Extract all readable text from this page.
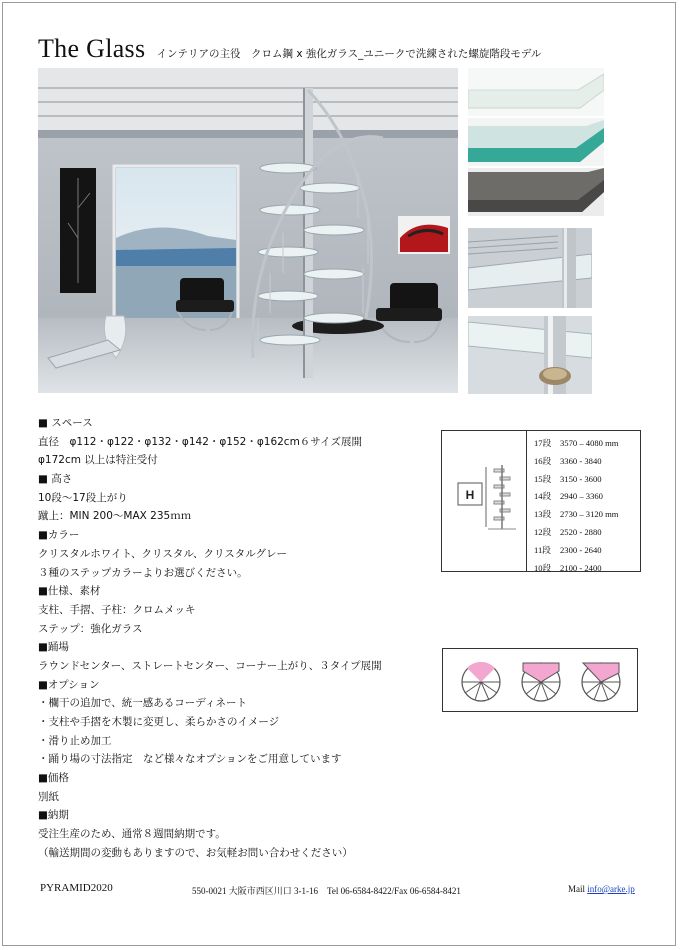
The Glass インテリアの主役　クロム鋼 x 強化ガラス_ユニークで洗練された螺旋階段モデル
■ スペース
直径　φ112・φ122・φ132・φ142・φ152・φ162cm６サイズ展開
φ172cm 以上は特注受付
■ 高さ
10段〜17段上がり
蹴上：MIN 200〜MAX 235ｍｍ
■カラー
クリスタルホワイト、クリスタル、クリスタルグレー
３種のステップカラーよりお選びください。
■仕様、素材
支柱、手摺、子柱：クロムメッキ
ステップ：強化ガラス
■踊場
ラウンドセンター、ストレートセンター、コーナー上がり、３タイプ展開
■オプション
・欄干の追加で、統一感あるコーディネート
・支柱や手摺を木製に変更し、柔らかさのイメージ
・滑り止め加工
・踊り場の寸法指定　など様々なオプションをご用意しています
■価格
別紙
■納期
受注生産のため、通常８週間納期です。
（輸送期間の変動もありますので、お気軽お問い合わせください）
H
17段 3570 – 4080 mm
16段 3360 - 3840
15段 3150 - 3600
14段 2940 – 3360
13段 2730 – 3120 mm
12段 2520 - 2880
11段 2300 - 2640
10段 2100 - 2400
PYRAMID2020	550-0021 大阪市西区川口 3-1-16　Tel 06-6584-8422/Fax 06-6584-8421	Mail info@arke.jp
